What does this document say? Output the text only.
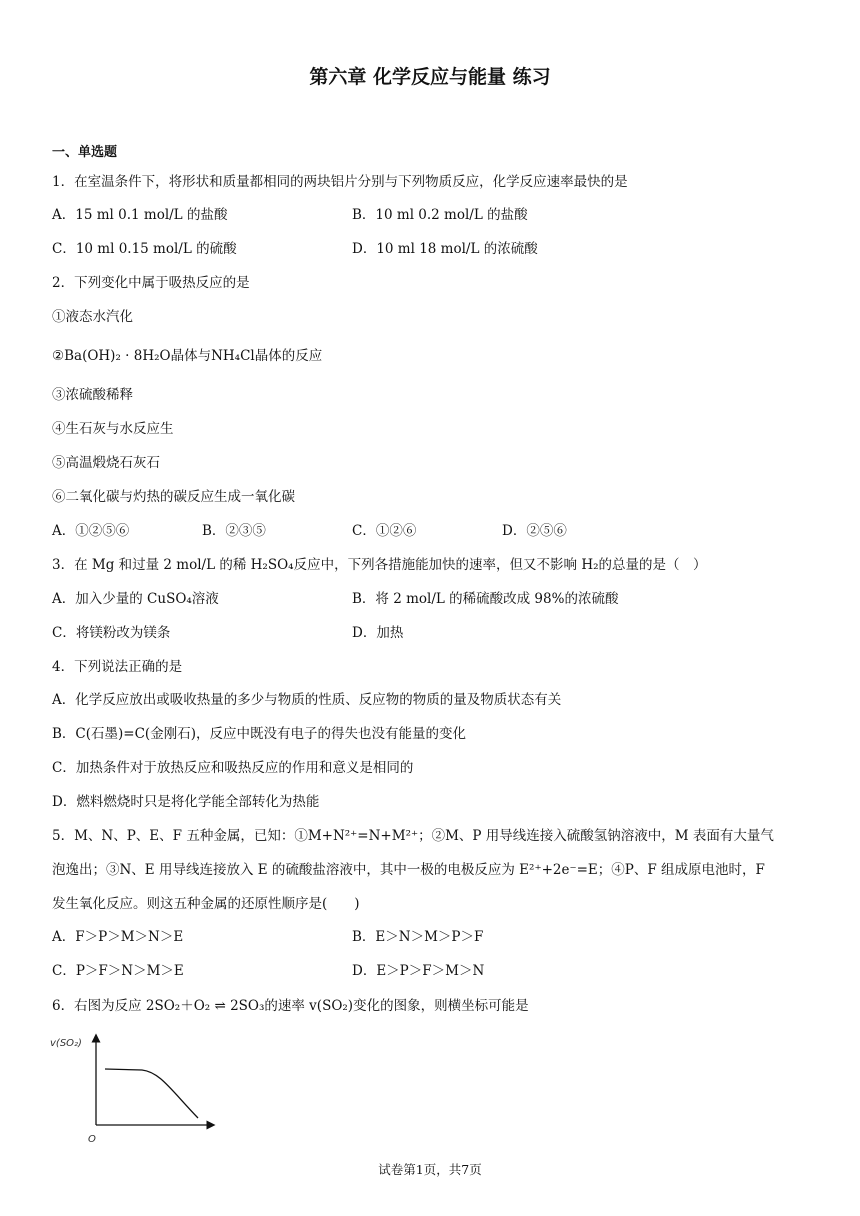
第六章 化学反应与能量 练习
一、单选题
1．在室温条件下，将形状和质量都相同的两块铝片分别与下列物质反应，化学反应速率最快的是
A．15 ml 0.1 mol/L 的盐酸	B．10 ml 0.2 mol/L 的盐酸
C．10 ml 0.15 mol/L 的硫酸	D．10 ml 18 mol/L 的浓硫酸
2．下列变化中属于吸热反应的是
①液态水汽化
②Ba(OH)₂ · 8H₂O晶体与NH₄Cl晶体的反应
③浓硫酸稀释
④生石灰与水反应生
⑤高温煅烧石灰石
⑥二氧化碳与灼热的碳反应生成一氧化碳
A．①②⑤⑥	B．②③⑤	C．①②⑥	D．②⑤⑥
3．在 Mg 和过量 2 mol/L 的稀 H₂SO₄反应中，下列各措施能加快的速率，但又不影响 H₂的总量的是（　）
A．加入少量的 CuSO₄溶液	B．将 2 mol/L 的稀硫酸改成 98%的浓硫酸
C．将镁粉改为镁条	D．加热
4．下列说法正确的是
A．化学反应放出或吸收热量的多少与物质的性质、反应物的物质的量及物质状态有关
B．C(石墨)=C(金刚石)，反应中既没有电子的得失也没有能量的变化
C．加热条件对于放热反应和吸热反应的作用和意义是相同的
D．燃料燃烧时只是将化学能全部转化为热能
5．M、N、P、E、F 五种金属，已知：①M+N²⁺=N+M²⁺；②M、P 用导线连接入硫酸氢钠溶液中，M 表面有大量气
泡逸出；③N、E 用导线连接放入 E 的硫酸盐溶液中，其中一极的电极反应为 E²⁺+2e⁻=E；④P、F 组成原电池时，F
发生氧化反应。则这五种金属的还原性顺序是(　　)
A．F＞P＞M＞N＞E	B．E＞N＞M＞P＞F
C．P＞F＞N＞M＞E	D．E＞P＞F＞M＞N
6．右图为反应 2SO₂＋O₂ ⇌ 2SO₃的速率 v(SO₂)变化的图象，则横坐标可能是
v(SO₂)
O
试卷第1页，共7页
